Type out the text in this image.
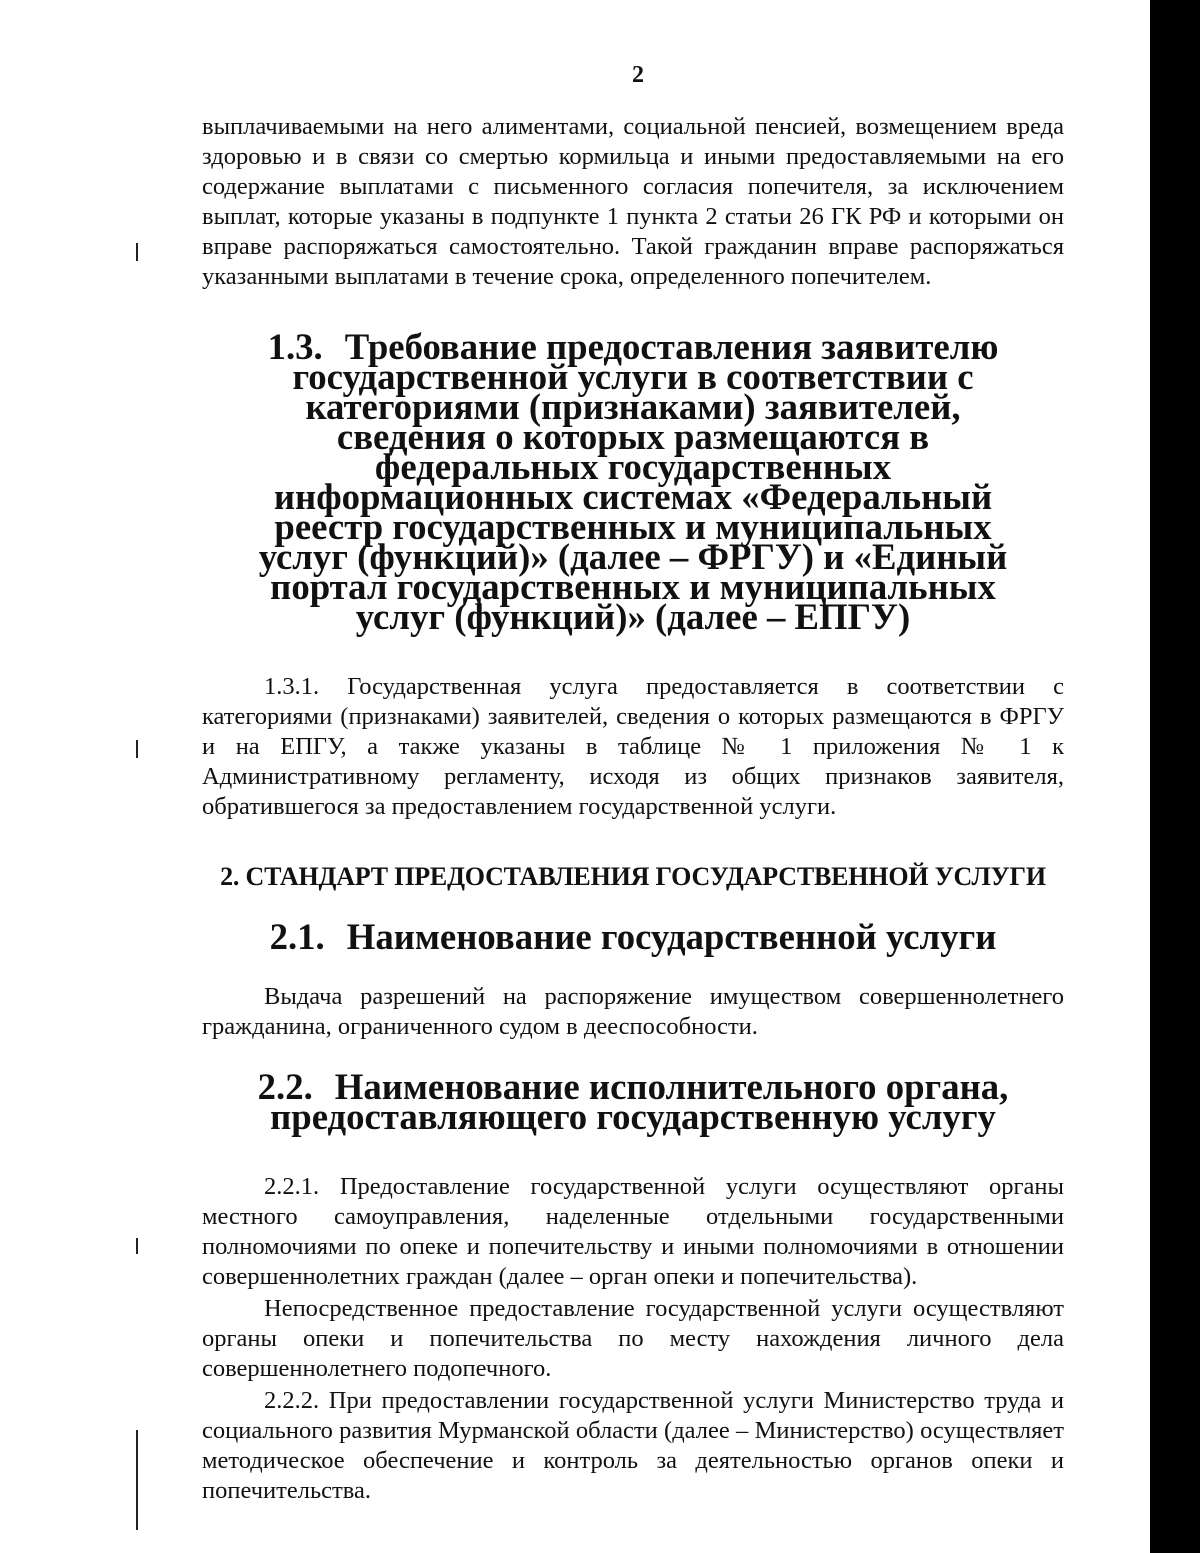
2

выплачиваемыми на него алиментами, социальной пенсией, возмещением вреда здоровью и в связи со смертью кормильца и иными предоставляемыми на его содержание выплатами с письменного согласия попечителя, за исключением выплат, которые указаны в подпункте 1 пункта 2 статьи 26 ГК РФ и которыми он вправе распоряжаться самостоятельно. Такой гражданин вправе распоряжаться указанными выплатами в течение срока, определенного попечителем.

1.3. Требование предоставления заявителю государственной услуги в соответствии с категориями (признаками) заявителей, сведения о которых размещаются в федеральных государственных информационных системах «Федеральный реестр государственных и муниципальных услуг (функций)» (далее – ФРГУ) и «Единый портал государственных и муниципальных услуг (функций)» (далее – ЕПГУ)

1.3.1. Государственная услуга предоставляется в соответствии с категориями (признаками) заявителей, сведения о которых размещаются в ФРГУ и на ЕПГУ, а также указаны в таблице № 1 приложения № 1 к Административному регламенту, исходя из общих признаков заявителя, обратившегося за предоставлением государственной услуги.

2. СТАНДАРТ ПРЕДОСТАВЛЕНИЯ ГОСУДАРСТВЕННОЙ УСЛУГИ
2.1. Наименование государственной услуги

Выдача разрешений на распоряжение имуществом совершеннолетнего гражданина, ограниченного судом в дееспособности.

2.2. Наименование исполнительного органа, предоставляющего государственную услугу

2.2.1. Предоставление государственной услуги осуществляют органы местного самоуправления, наделенные отдельными государственными полномочиями по опеке и попечительству и иными полномочиями в отношении совершеннолетних граждан (далее – орган опеки и попечительства).

Непосредственное предоставление государственной услуги осуществляют органы опеки и попечительства по месту нахождения личного дела совершеннолетнего подопечного.

2.2.2. При предоставлении государственной услуги Министерство труда и социального развития Мурманской области (далее – Министерство) осуществляет методическое обеспечение и контроль за деятельностью органов опеки и попечительства.
